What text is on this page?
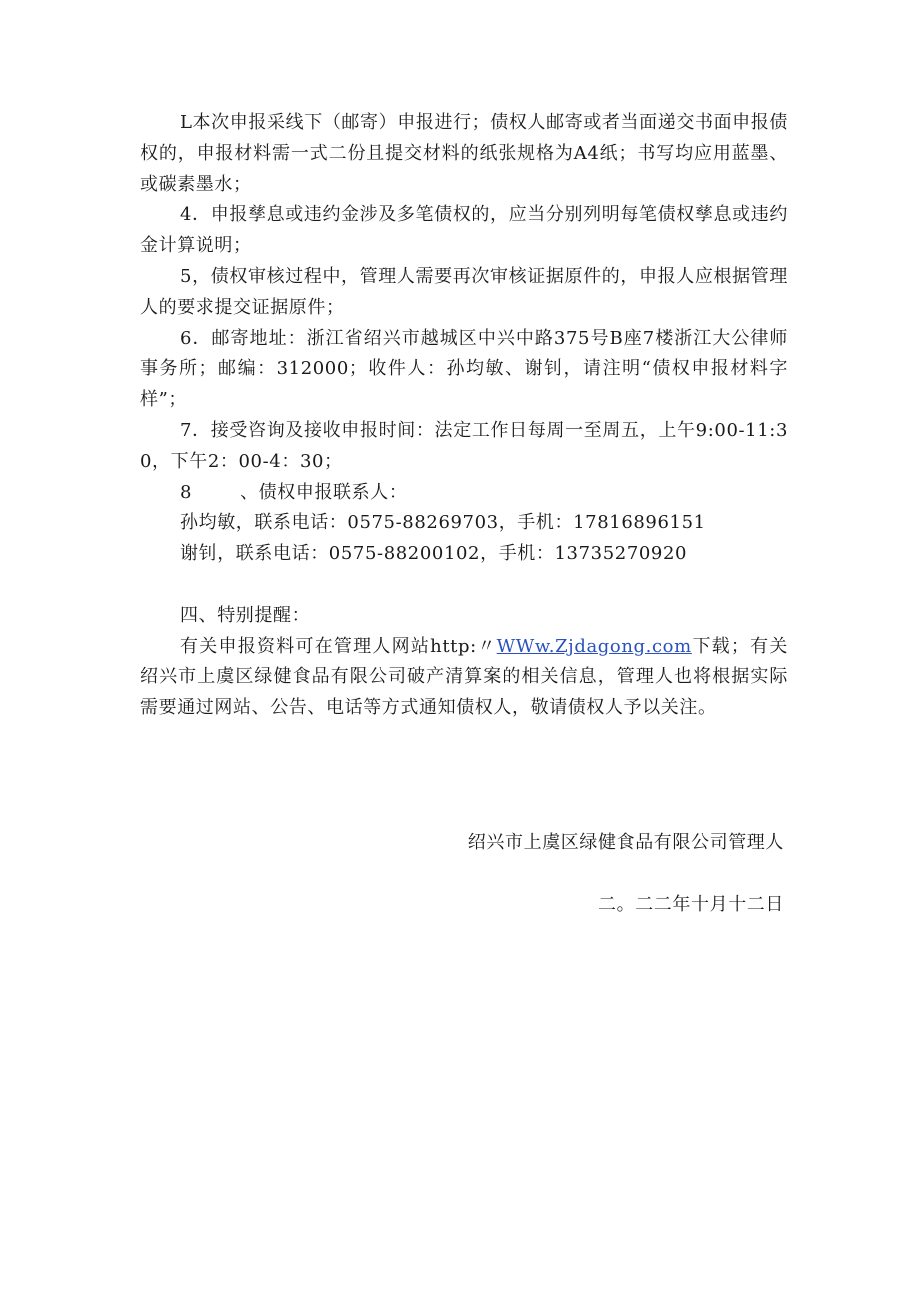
L本次申报采线下（邮寄）申报进行；债权人邮寄或者当面递交书面申报债权的，申报材料需一式二份且提交材料的纸张规格为A4纸；书写均应用蓝墨、或碳素墨水；

4．申报孳息或违约金涉及多笔债权的，应当分别列明每笔债权孳息或违约金计算说明；

5，债权审核过程中，管理人需要再次审核证据原件的，申报人应根据管理人的要求提交证据原件；

6．邮寄地址：浙江省绍兴市越城区中兴中路375号B座7楼浙江大公律师事务所；邮编：312000；收件人：孙均敏、谢钊，请注明“债权申报材料字样”；

7．接受咨询及接收申报时间：法定工作日每周一至周五，上午9:00-11:30，下午2：00-4：30；

8	、债权申报联系人：

孙均敏，联系电话：0575-88269703，手机：17816896151

谢钊，联系电话：0575-88200102，手机：13735270920

四、特别提醒：

有关申报资料可在管理人网站http:〃WWw.Zjdagong.com下载；有关绍兴市上虞区绿健食品有限公司破产清算案的相关信息，管理人也将根据实际需要通过网站、公告、电话等方式通知债权人，敬请债权人予以关注。

绍兴市上虞区绿健食品有限公司管理人
二。二二年十月十二日
